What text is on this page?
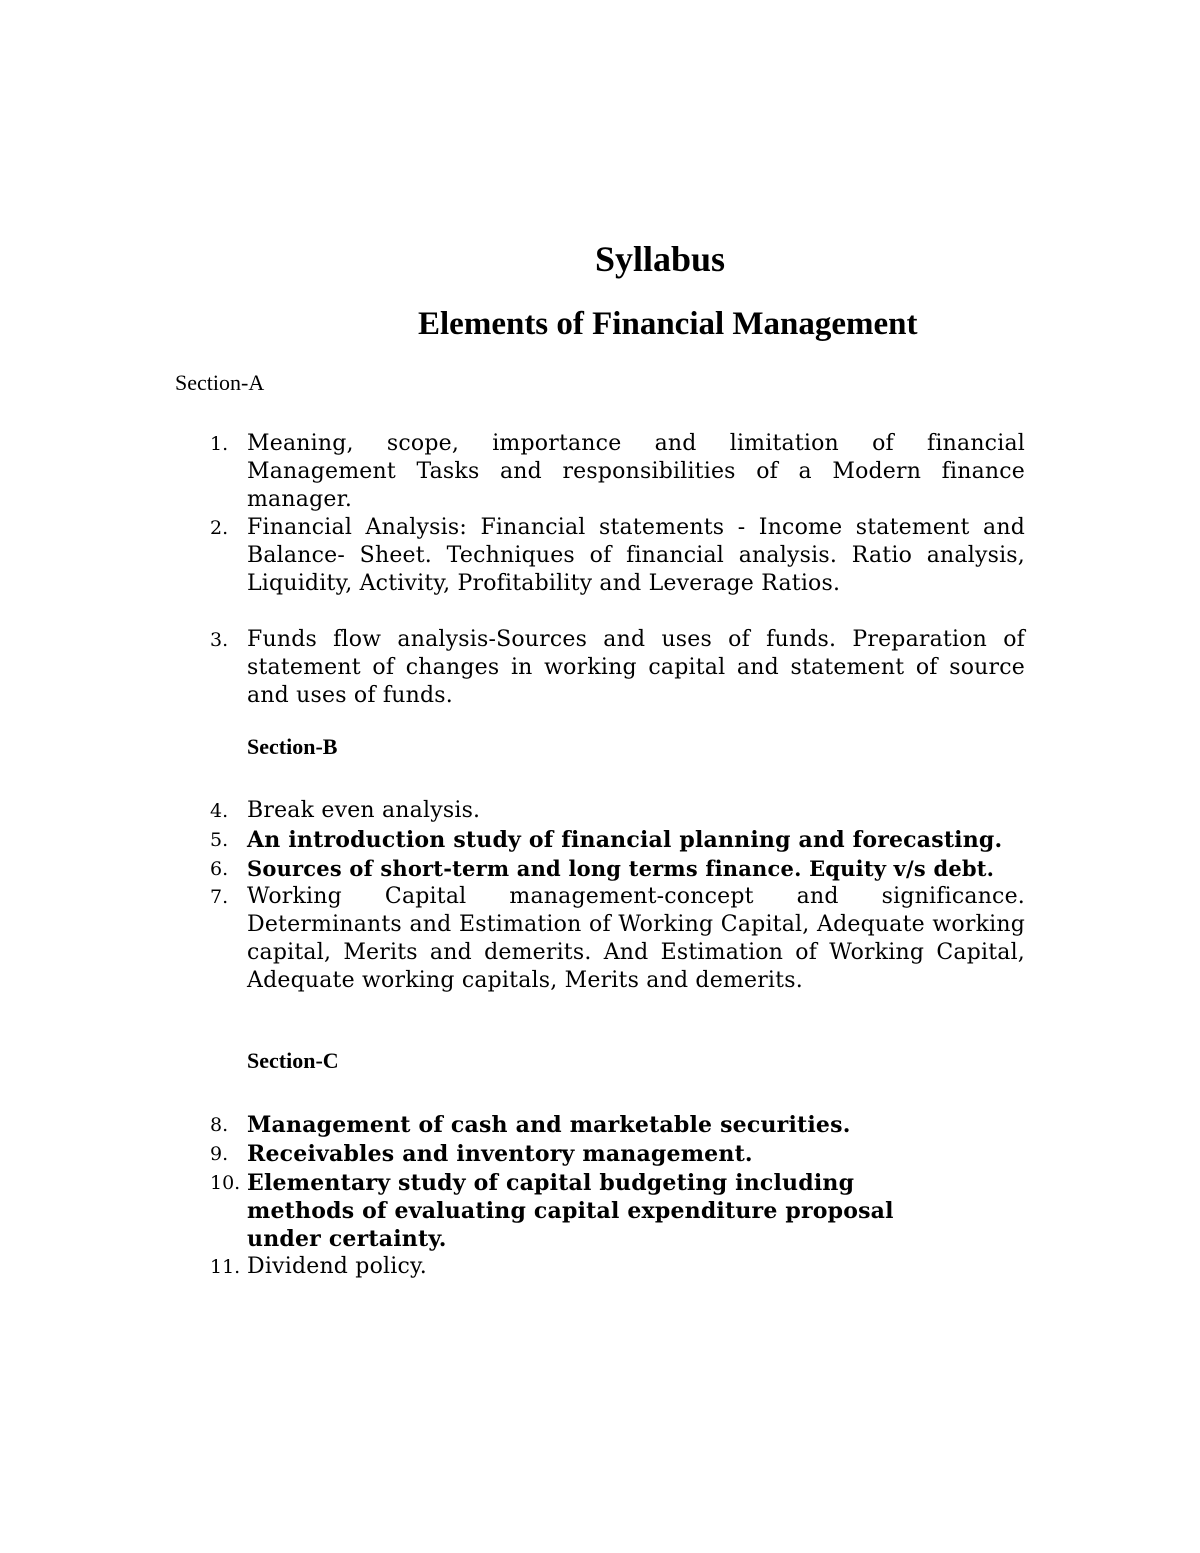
Syllabus
Elements of Financial Management
Section-A
1. Meaning, scope, importance and limitation of financial Management Tasks and responsibilities of a Modern finance manager.
2. Financial Analysis: Financial statements - Income statement and Balance- Sheet. Techniques of financial analysis. Ratio analysis, Liquidity, Activity, Profitability and Leverage Ratios.
3. Funds flow analysis-Sources and uses of funds. Preparation of statement of changes in working capital and statement of source and uses of funds.
Section-B
4. Break even analysis.
5. An introduction study of financial planning and forecasting.
6. Sources of short-term and long terms finance. Equity v/s debt.
7. Working Capital management-concept and significance. Determinants and Estimation of Working Capital, Adequate working capital, Merits and demerits. And Estimation of Working Capital, Adequate working capitals, Merits and demerits.
Section-C
8. Management of cash and marketable securities.
9. Receivables and inventory management.
10. Elementary study of capital budgeting including
methods of evaluating capital expenditure proposal
under certainty.
11. Dividend policy.
